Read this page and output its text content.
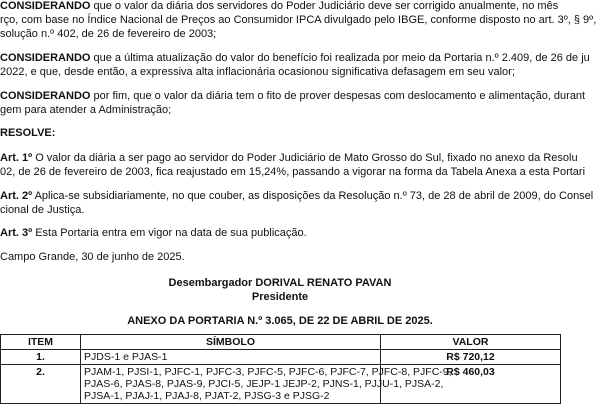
CONSIDERANDO que o valor da diária dos servidores do Poder Judiciário deve ser corrigido anualmente, no mês
rço, com base no Índice Nacional de Preços ao Consumidor IPCA divulgado pelo IBGE, conforme disposto no art. 3º, § 9º,
solução n.º 402, de 26 de fevereiro de 2003;
CONSIDERANDO que a última atualização do valor do benefício foi realizada por meio da Portaria n.º 2.409, de 26 de ju
2022, e que, desde então, a expressiva alta inflacionária ocasionou significativa defasagem em seu valor;
CONSIDERANDO por fim, que o valor da diária tem o fito de prover despesas com deslocamento e alimentação, durant
gem para atender a Administração;
RESOLVE:
Art. 1º O valor da diária a ser pago ao servidor do Poder Judiciário de Mato Grosso do Sul, fixado no anexo da Resolu
02, de 26 de fevereiro de 2003, fica reajustado em 15,24%, passando a vigorar na forma da Tabela Anexa a esta Portari
Art. 2º Aplica-se subsidiariamente, no que couber, as disposições da Resolução n.º 73, de 28 de abril de 2009, do Consel
cional de Justiça.
Art. 3º Esta Portaria entra em vigor na data de sua publicação.
Campo Grande, 30 de junho de 2025.
Desembargador DORIVAL RENATO PAVAN
Presidente
ANEXO DA PORTARIA N.º 3.065, DE 22 DE ABRIL DE 2025.
ITEM	SÍMBOLO	VALOR
1.	PJDS-1 e PJAS-1	R$ 720,12
2.	PJAM-1, PJSI-1, PJFC-1, PJFC-3, PJFC-5, PJFC-6, PJFC-7, PJFC-8, PJFC-9,
PJAS-6, PJAS-8, PJAS-9, PJCI-5, JEJP-1 JEJP-2, PJNS-1, PJJU-1, PJSA-2,
PJSA-1, PJAJ-1, PJAJ-8, PJAT-2, PJSG-3 e PJSG-2	R$ 460,03
